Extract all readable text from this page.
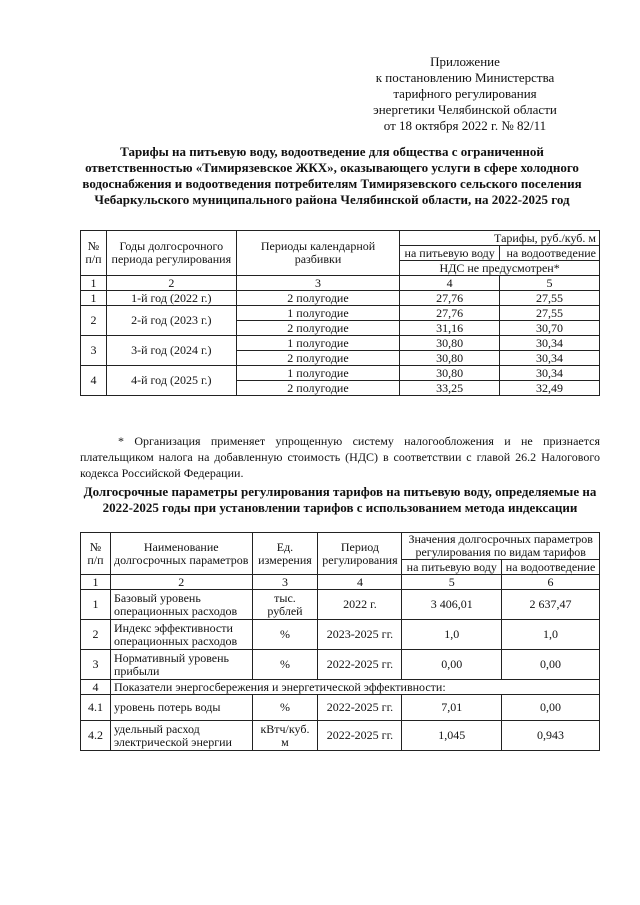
Приложение
к постановлению Министерства
тарифного регулирования
энергетики Челябинской области
от 18 октября 2022 г. № 82/11
Тарифы на питьевую воду, водоотведение для общества с ограниченной ответственностью «Тимирязевское ЖКХ», оказывающего услуги в сфере холодного водоснабжения и водоотведения потребителям Тимирязевского сельского поселения Чебаркульского муниципального района Челябинской области, на 2022-2025 год
№ п/п	Годы долгосрочного периода регулирования	Периоды календарной разбивки	Тарифы, руб./куб. м	
			на питьевую воду	на водоотведение
			НДС не предусмотрен*	
1	2	3	4	5
1	1-й год (2022 г.)	2 полугодие	27,76	27,55
2	2-й год (2023 г.)	1 полугодие	27,76	27,55
		2 полугодие	31,16	30,70
3	3-й год (2024 г.)	1 полугодие	30,80	30,34
		2 полугодие	30,80	30,34
4	4-й год (2025 г.)	1 полугодие	30,80	30,34
		2 полугодие	33,25	32,49
* Организация применяет упрощенную систему налогообложения и не признается плательщиком налога на добавленную стоимость (НДС) в соответствии с главой 26.2 Налогового кодекса Российской Федерации.
Долгосрочные параметры регулирования тарифов на питьевую воду, определяемые на 2022-2025 годы при установлении тарифов с использованием метода индексации
№ п/п	Наименование долгосрочных параметров	Ед. измерения	Период регулирования	Значения долгосрочных параметров регулирования по видам тарифов	
				на питьевую воду	на водоотведение
1	2	3	4	5	6
1	Базовый уровень операционных расходов	тыс. рублей	2022 г.	3 406,01	2 637,47
2	Индекс эффективности операционных расходов	%	2023-2025 гг.	1,0	1,0
3	Нормативный уровень прибыли	%	2022-2025 гг.	0,00	0,00
4	Показатели энергосбережения и энергетической эффективности:				
4.1	уровень потерь воды	%	2022-2025 гг.	7,01	0,00
4.2	удельный расход электрической энергии	кВтч/куб. м	2022-2025 гг.	1,045	0,943
